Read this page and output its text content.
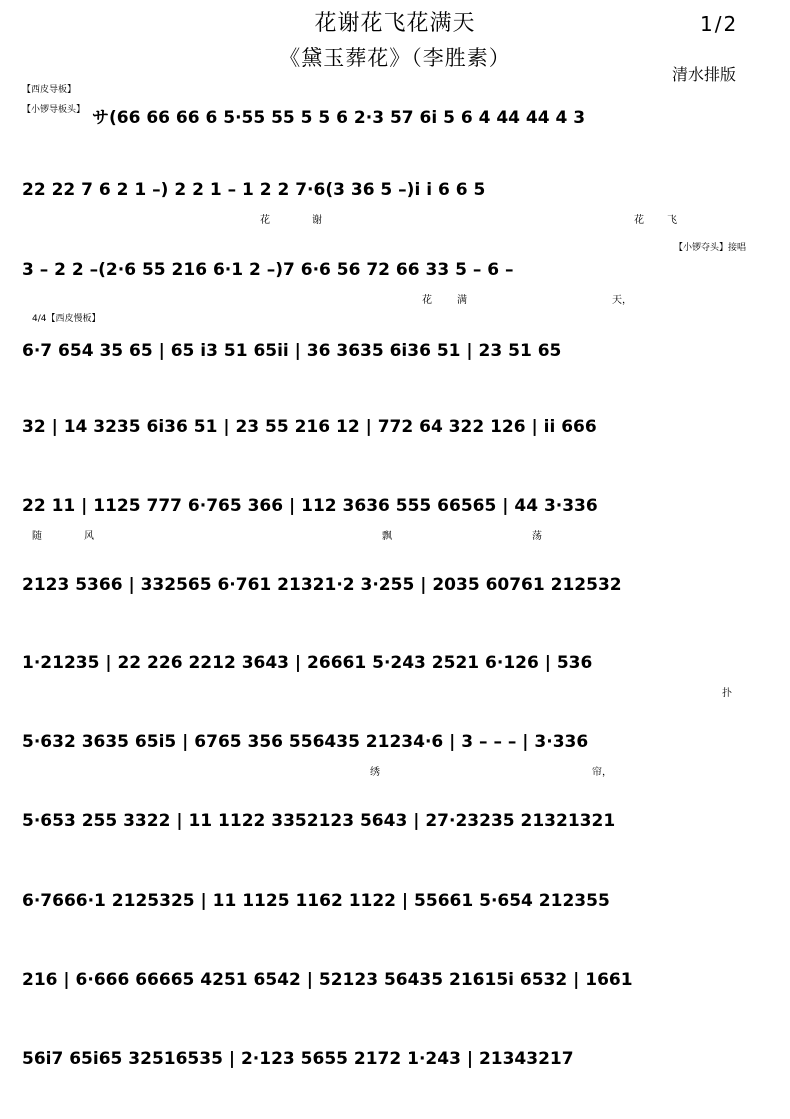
花谢花飞花满天
《黛玉葬花》（李胜素）
1/2
清水排版
【西皮导板】
【小锣导板头】 サ(66 66 66 6 5·55 55 5 5 6 2·3 57 6i 5 6 4 44 44 4 3
22 22 7 6 2 1 –) 2 2 1 – 1 2 2 7·6(3 36 5 –)i i 6 6 5
花	谢	花 飞
【小锣夺头】接唱
3 – 2 2 –(2·6 55 216 6·1 2 –)7 6·6 56 72 66 33 5 – 6 –
花	满	天，
4/4【西皮慢板】
6·7 654 35 65 | 65 i3 51 65ii | 36 3635 6i36 51 | 23 51 65
32 | 14 3235 6i36 51 | 23 55 216 12 | 772 64 322 126 | ii 666
22 11 | 1125 777 6·765 366 | 112 3636 555 66565 | 44 3·336
随	风	飘	荡
2123 5366 | 332565 6·761 21321·2 3·255 | 2035 60761 212532
1·21235 | 22 226 2212 3643 | 26661 5·243 2521 6·126 | 536
扑
5·632 3635 65i5 | 6765 356 556435 21234·6 | 3 – – – | 3·336
绣	帘，
5·653 255 3322 | 11 1122 3352123 5643 | 27·23235 21321321
6·7666·1 2125325 | 11 1125 1162 1122 | 55661 5·654 212355
216 | 6·666 66665 4251 6542 | 52123 56435 21615i 6532 | 1661
56i7 65i65 32516535 | 2·123 5655 2172 1·243 | 21343217
